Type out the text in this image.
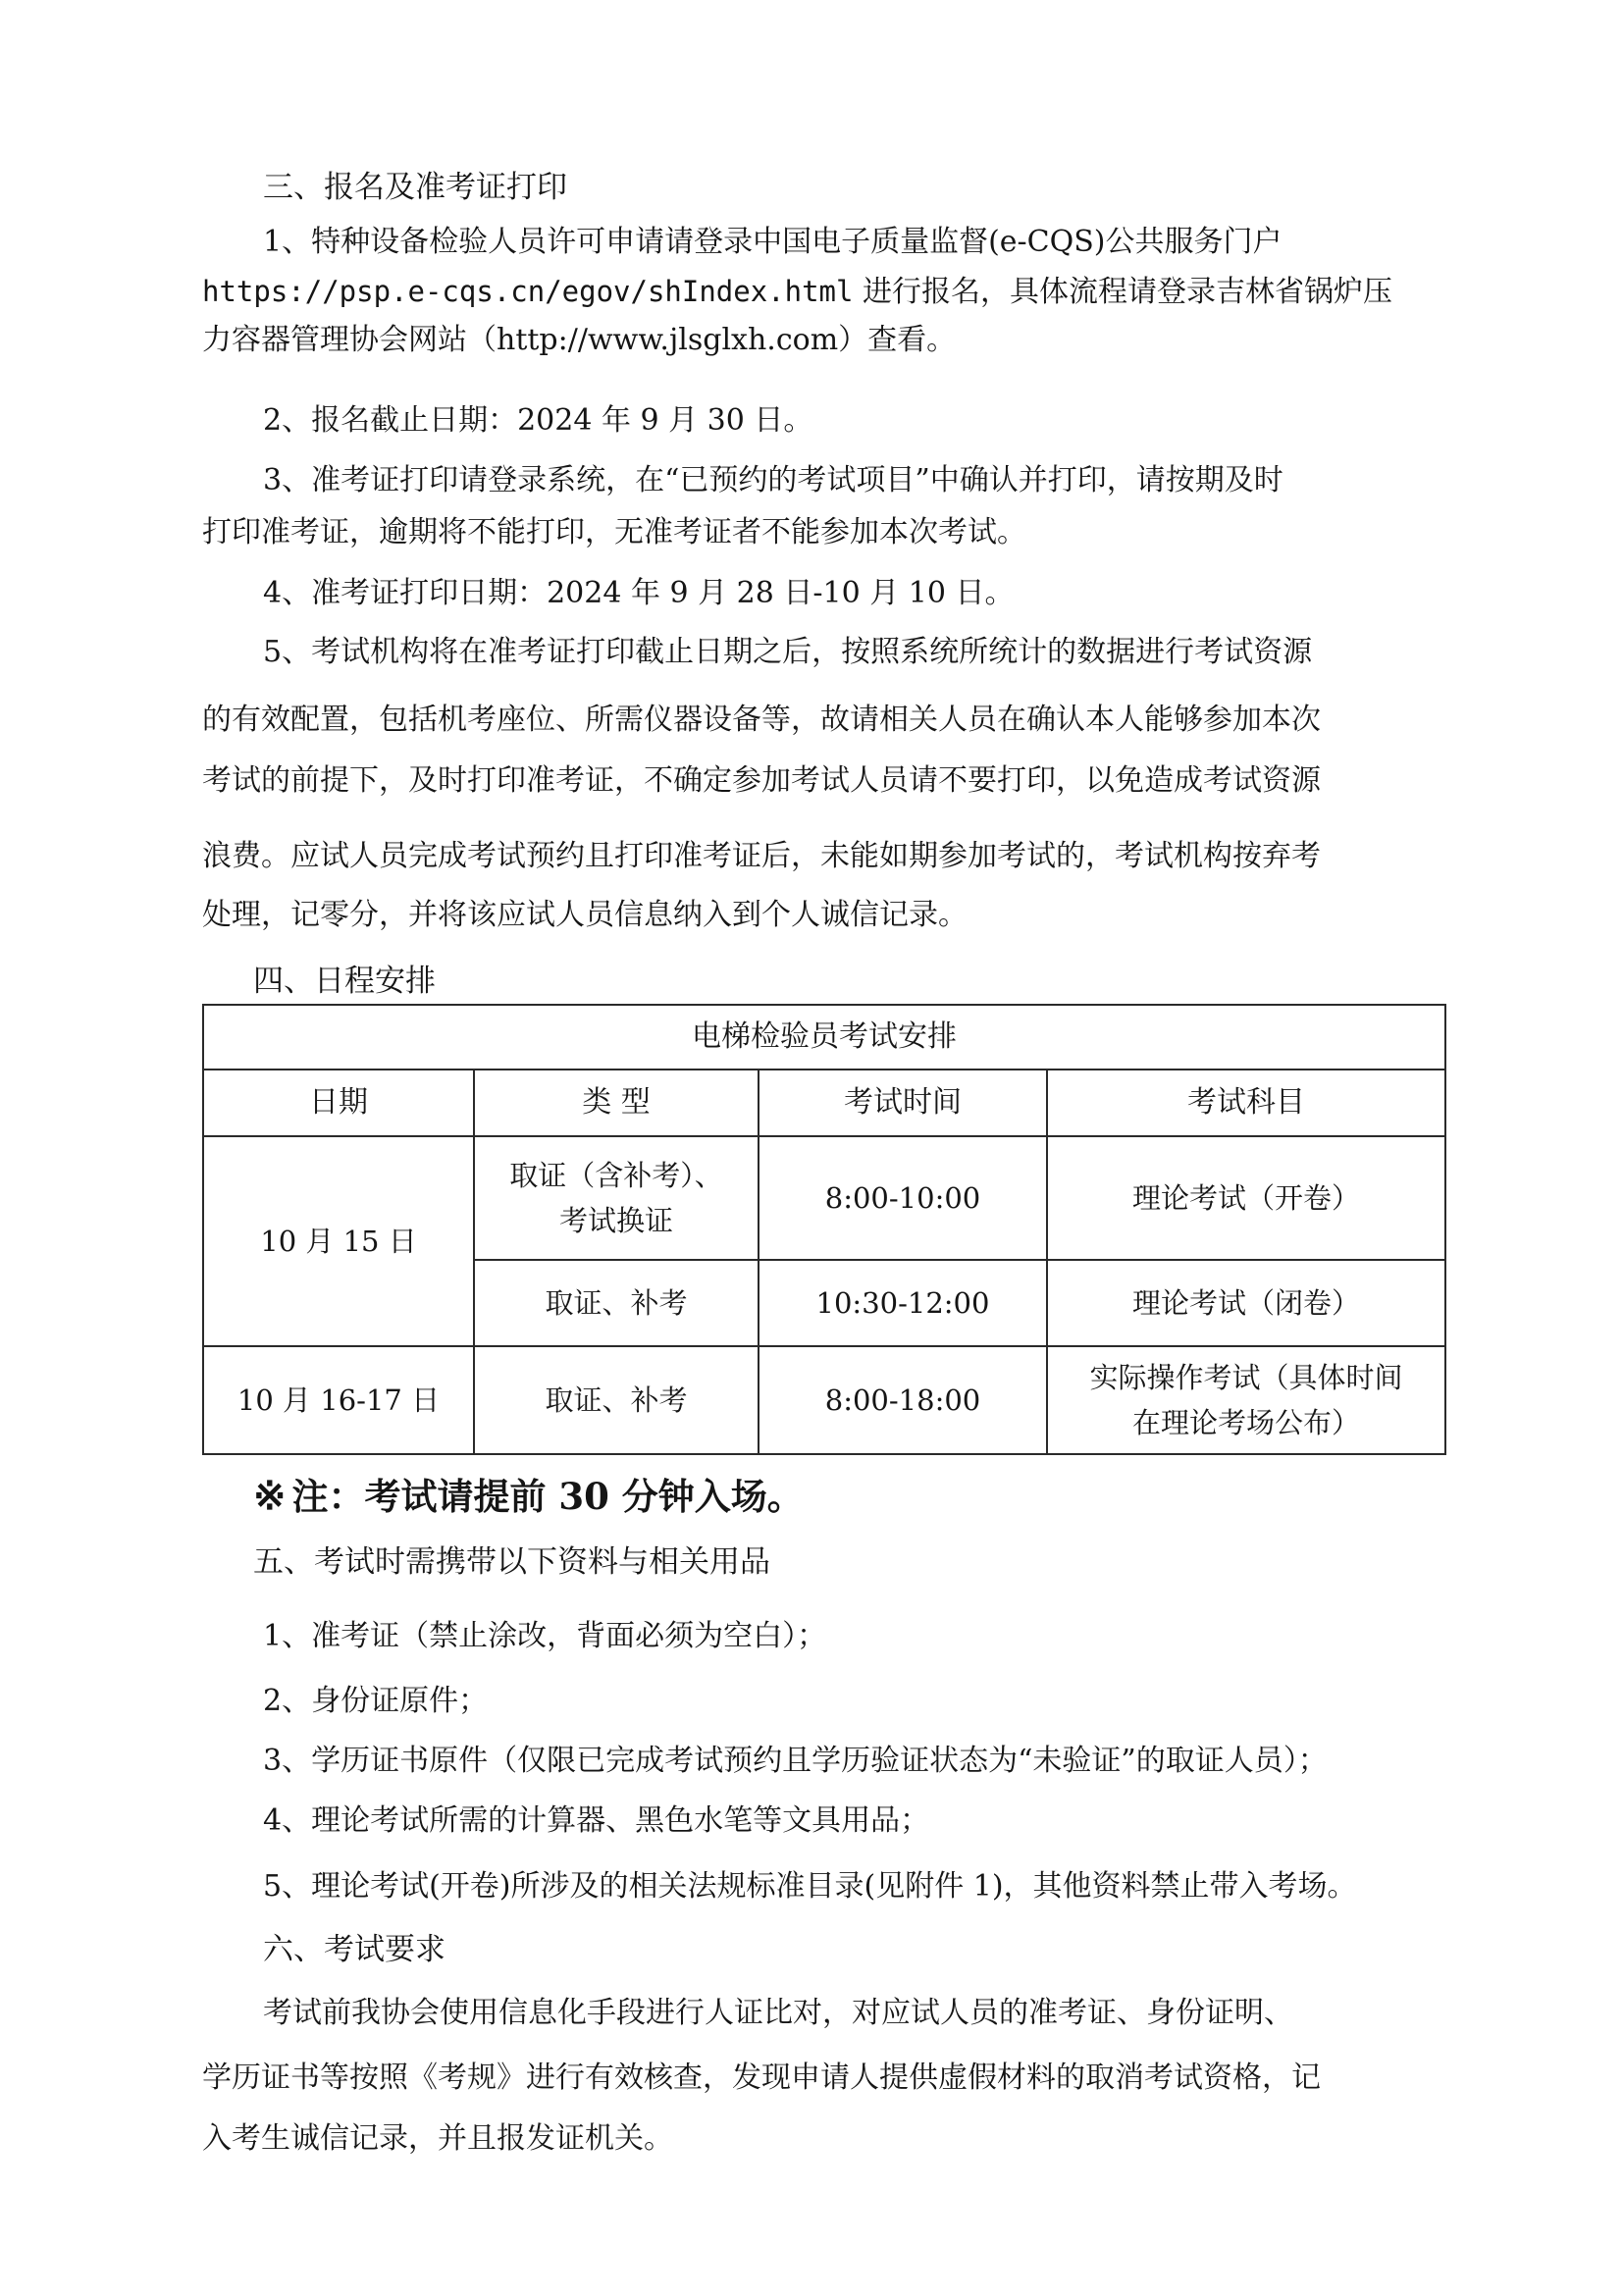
三、报名及准考证打印
1、特种设备检验人员许可申请请登录中国电子质量监督(e-CQS)公共服务门户
https://psp.e-cqs.cn/egov/shIndex.html 进行报名，具体流程请登录吉林省锅炉压
力容器管理协会网站（http://www.jlsglxh.com）查看。
2、报名截止日期：2024 年 9 月 30 日。
3、准考证打印请登录系统，在“已预约的考试项目”中确认并打印，请按期及时
打印准考证，逾期将不能打印，无准考证者不能参加本次考试。
4、准考证打印日期：2024 年 9 月 28 日-10 月 10 日。
5、考试机构将在准考证打印截止日期之后，按照系统所统计的数据进行考试资源
的有效配置，包括机考座位、所需仪器设备等，故请相关人员在确认本人能够参加本次
考试的前提下，及时打印准考证，不确定参加考试人员请不要打印，以免造成考试资源
浪费。应试人员完成考试预约且打印准考证后，未能如期参加考试的，考试机构按弃考
处理，记零分，并将该应试人员信息纳入到个人诚信记录。
四、日程安排
电梯检验员考试安排			
日期	类 型	考试时间	考试科目
10 月 15 日	取证（含补考）、
考试换证	8:00-10:00	理论考试（开卷）
	取证、补考	10:30-12:00	理论考试（闭卷）
10 月 16-17 日	取证、补考	8:00-18:00	实际操作考试（具体时间
在理论考场公布）
※ 注：考试请提前 30 分钟入场。
五、考试时需携带以下资料与相关用品
1、准考证（禁止涂改，背面必须为空白）；
2、身份证原件；
3、学历证书原件（仅限已完成考试预约且学历验证状态为“未验证”的取证人员）；
4、理论考试所需的计算器、黑色水笔等文具用品；
5、理论考试(开卷)所涉及的相关法规标准目录(见附件 1)，其他资料禁止带入考场。
六、考试要求
考试前我协会使用信息化手段进行人证比对，对应试人员的准考证、身份证明、
学历证书等按照《考规》进行有效核查，发现申请人提供虚假材料的取消考试资格，记
入考生诚信记录，并且报发证机关。
